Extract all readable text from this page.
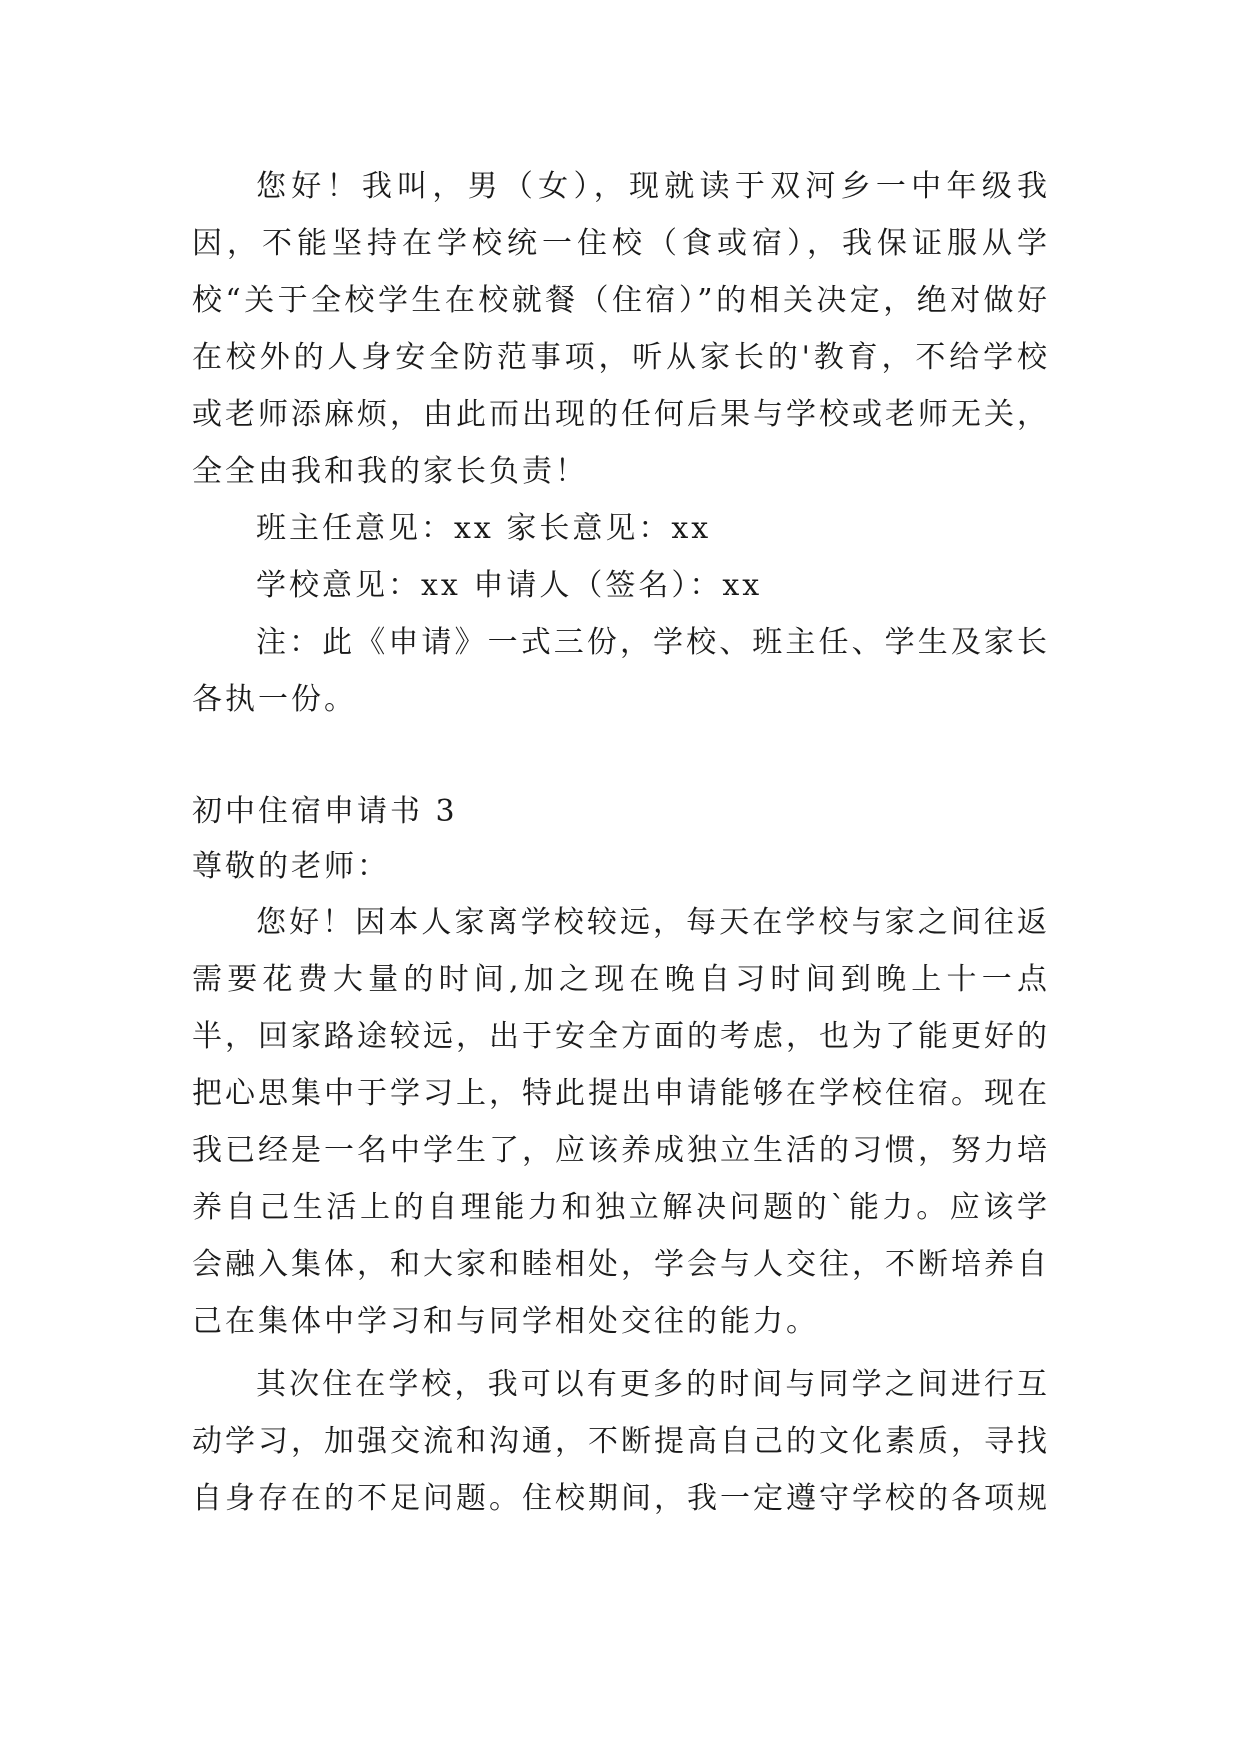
您好！我叫，男（女），现就读于双河乡一中年级我因，不能坚持在学校统一住校（食或宿），我保证服从学校“关于全校学生在校就餐（住宿）”的相关决定，绝对做好在校外的人身安全防范事项，听从家长的'教育，不给学校或老师添麻烦，由此而出现的任何后果与学校或老师无关，全全由我和我的家长负责！

班主任意见：xx 家长意见：xx

学校意见：xx 申请人（签名）：xx

注：此《申请》一式三份，学校、班主任、学生及家长各执一份。

初中住宿申请书 3

尊敬的老师：

您好！因本人家离学校较远，每天在学校与家之间往返需要花费大量的时间,加之现在晚自习时间到晚上十一点半，回家路途较远，出于安全方面的考虑，也为了能更好的把心思集中于学习上，特此提出申请能够在学校住宿。现在我已经是一名中学生了，应该养成独立生活的习惯，努力培养自己生活上的自理能力和独立解决问题的`能力。应该学会融入集体，和大家和睦相处，学会与人交往，不断培养自己在集体中学习和与同学相处交往的能力。

其次住在学校，我可以有更多的时间与同学之间进行互动学习，加强交流和沟通，不断提高自己的文化素质，寻找自身存在的不足问题。住校期间，我一定遵守学校的各项规
